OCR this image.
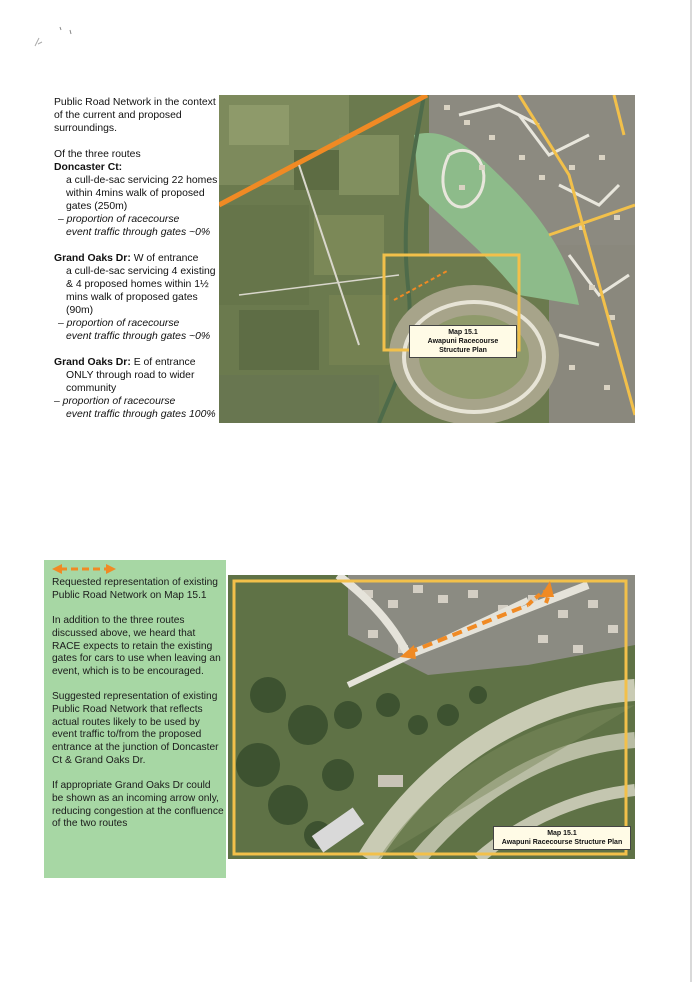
Public Road Network in the context of the current and proposed surroundings.

Of the three routes

Doncaster Ct:

a cull-de-sac servicing 22 homes within 4mins walk of proposed gates (250m)

– proportion of racecourse

event traffic through gates ~0%

Grand Oaks Dr: W of entrance

a cull-de-sac servicing 4 existing & 4 proposed homes within 1½ mins walk of proposed gates (90m)

– proportion of racecourse

event traffic through gates ~0%

Grand Oaks Dr: E of entrance

ONLY through road to wider community

– proportion of racecourse

event traffic through gates 100%

Map 15.1
Awapuni Racecourse Structure Plan

Requested representation of existing Public Road Network on Map 15.1

In addition to the three routes discussed above, we heard that RACE expects to retain the existing gates for cars to use when leaving an event, which is to be encouraged.

Suggested representation of existing Public Road Network that reflects actual routes likely to be used by event traffic to/from the proposed entrance at the junction of Doncaster Ct & Grand Oaks Dr.

If appropriate Grand Oaks Dr could be shown as an incoming arrow only, reducing congestion at the confluence of the two routes

Map 15.1
Awapuni Racecourse Structure Plan
